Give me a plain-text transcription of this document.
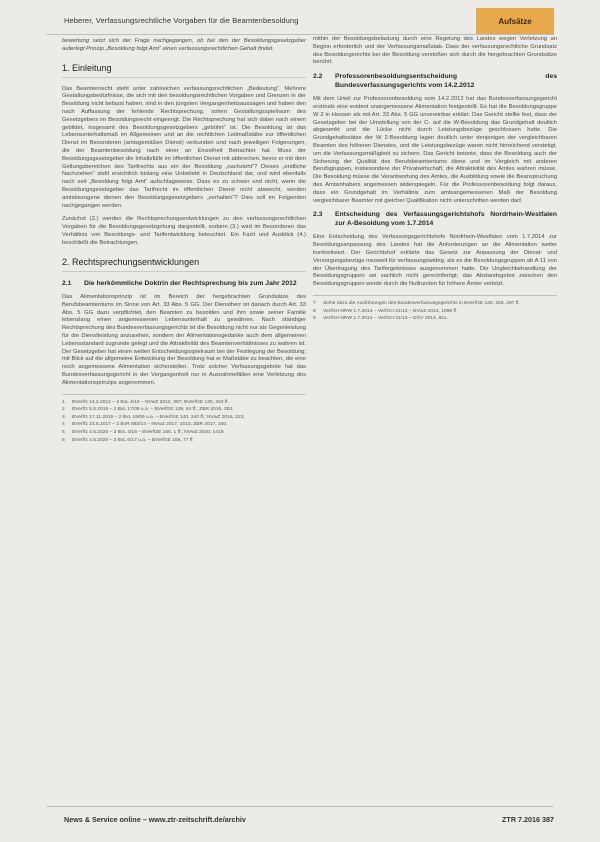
Heberer, Verfassungsrechtliche Vorgaben für die Beamtenbesoldung	Aufsätze

bewertung setzt sich der Frage nachgegangen, ob bei den der Besoldungsgesetzgeber auferlegt Prinzip „Besoldung folgt Amt“ einen verfassungsrechtlichen Gehalt findet.

1. Einleitung

Das Beamtenrecht steht unter zahlreichen verfassungsrechtlichen „Bedeutung“. Mehrere Gestaltungsbedürfnisse, die sich mit den besoldungsrechtlichen Vorgaben und Grenzen in der Besoldung nicht befasst haben, sind in den jüngsten Vergangenheitsaussagen und haben den nach Auffassung der fehlende Rechtsprechung, sofern Gestaltungsspielraum des Gesetzgebers im Besoldungsrecht eingeengt. Die Rechtsprechung hat sich dabei nach einem gebildet, insgesamt des Besoldungsgesetzgebers „gebührt“ ist. Die Besoldung ist das Lebensunterhaltsmaß im Allgemeinen und an die rechtlichen Leitmaßstäbe zur öffentlichen Dienst im Besonderen (amtsgemäßen Dienst) verbunden und nach jeweiligen Folgerungen, die der Beamtenbesoldung nach einer an Einzelheit Betrachtet hat. Muss der Besoldungsgesetzgeber die Inhaltsfülle im öffentlichen Dienst mit abbrechen, bevor er mit dem Geltungsbereichen des Tarifrechts aus ein der Besoldung „nachzieht“? Dieses „endliche Nachziehen“ stellt ersichtlich bislang eine Unbeliebt in Deutschland dar, und wird ebenfalls nach seit „Besoldung folgt Amt“ aufschlagsweise. Dass es zu schwer und nicht, wenn die Besoldungsgesetzgeber das Tarifrecht im öffentlichen Dienst nicht abweicht, werden amtsbezogene dienen den Besoldungsgesetzgebers „verhalten“? Dies soll im Folgenden nachgegangen werden.

Zunächst (2.) werden die Rechtsprechungsentwicklungen zu den verfassungsrechtlichen Vorgaben für die Besoldungsgesetzgebung dargestellt, sodann (3.) wird im Besonderen das Verhältnis von Besoldungs- und Tarifentwicklung beleuchtet. Ein Fazit und Ausblick (4.) beschließt die Betrachtungen.

2. Rechtsprechungsentwicklungen
2.1	Die herkömmliche Doktrin der Rechtsprechung bis zum Jahr 2012

Das Alimentationsprinzip ist im Bereich der hergebrachten Grundsätze des Berufsbeamtentums im Sinne von Art. 33 Abs. 5 GG. Der Dienstherr ist danach durch Art. 33 Abs. 5 GG dazu verpflichtet, den Beamten zu besolden und ihm sowie seiner Familie lebenslang einen angemessenen Lebensunterhalt zu gewähren. Nach ständiger Rechtsprechung des Bundesverfassungsgerichts ist die Besoldung nicht nur als Gegenleistung für die Dienstleistung anzusehen, sondern der Alimentationsgedanke auch dem allgemeinen Lebensstandard zugrunde gelegt und die Attraktivität des Beamtenverhältnisses zu wahren ist. Der Gesetzgeber hat einen weiten Entscheidungsspielraum bei der Festlegung der Besoldung; mit Blick auf die allgemeine Entwicklung der Besoldung hat er Maßstäbe zu beachten, die eine noch angemessene Alimentation sicherstellen. Trotz solcher Verfassungsgebote hat das Bundesverfassungsgericht in der Vergangenheit nur in Ausnahmefällen eine Verletzung des Alimentationsprinzips angenommen.

1	BVerfG 14.2.2012 – 2 BvL 4/10 – NVwZ 2012, 357; BVerfGE 130, 263 ff.
2	BVerfG 5.5.2015 – 2 BvL 17/09 u.a. – BVerfGE 139, 64 ff.; ZBR 2015, 253.
3	BVerfG 17.11.2015 – 2 BvL 19/09 u.a. – BVerfGE 140, 240 ff.; NVwZ 2016, 223.
4	BVerfG 23.5.2017 – 2 BvR 883/14 – NVwZ 2017, 1515; ZBR 2017, 340.
5	BVerfG 4.5.2020 – 2 BvL 4/18 – BVerfGE 155, 1 ff.; NVwZ 2020, 1419.
6	BVerfG 4.5.2020 – 2 BvL 6/17 u.a. – BVerfGE 155, 77 ff.

mithin der Besoldungsbelastung durch eine Regelung des Landes wegen Verletzung an Beginn erforderlich und der Verfassungsmaßstab. Dass der verfassungsrechtliche Grundsatz des Besoldungsrechts bei der Besoldung verstoßen sich durch die hergebrachten Grundsätze berührt.

2.2	Professorenbesoldungsentscheidung des Bundesverfassungsgerichts vom 14.2.2012

Mit dem Urteil zur Professorenbesoldung vom 14.2.2012 hat das Bundesverfassungsgericht erstmals eine evident unangemessene Alimentation festgestellt. Es hat die Besoldungsgruppe W 2 in Hessen als mit Art. 33 Abs. 5 GG unvereinbar erklärt. Das Gericht stellte fest, dass der Gesetzgeber bei der Umstellung von der C- auf die W-Besoldung das Grundgehalt deutlich abgesenkt und die Lücke nicht durch Leistungsbezüge geschlossen hatte. Die Grundgehaltssätze der W 2-Besoldung lagen deutlich unter denjenigen der vergleichbaren Beamten des höheren Dienstes, und die Leistungsbezüge waren nicht hinreichend verstetigt, um die Verfassungsmäßigkeit zu sichern. Das Gericht betonte, dass die Besoldung auch der Sicherung der Qualität des Berufsbeamtentums diene und im Vergleich mit anderen Berufsgruppen, insbesondere der Privatwirtschaft, die Attraktivität des Amtes wahren müsse. Die Besoldung müsse die Verantwortung des Amtes, die Ausbildung sowie die Beanspruchung des Amtsinhabers angemessen widerspiegeln. Für die Professorenbesoldung folgt daraus, dass ein Grundgehalt im Verhältnis zum amtsangemessenen Maß der Besoldung vergleichbarer Beamter mit gleicher Qualifikation nicht unterschritten werden darf.

2.3	Entscheidung des Verfassungsgerichtshofs Nordrhein-Westfalen zur A-Besoldung vom 1.7.2014

Eine Entscheidung des Verfassungsgerichtshofs Nordrhein-Westfalen vom 1.7.2014 zur Besoldungsanpassung des Landes hat die Anforderungen an die Alimentation weiter konkretisiert. Der Gerichtshof erklärte das Gesetz zur Anpassung der Dienst- und Versorgungsbezüge insoweit für verfassungswidrig, als es die Besoldungsgruppen ab A 11 von der Übertragung des Tarifergebnisses ausgenommen hatte. Die Ungleichbehandlung der Besoldungsgruppen sei sachlich nicht gerechtfertigt; das Abstandsgebot zwischen den Besoldungsgruppen werde durch die Nullrunden für höhere Ämter verletzt.

7	Siehe dazu die Ausführungen des Bundesverfassungsgerichts in BVerfGE 130, 263, 297 ff.
8	VerfGH NRW 1.7.2014 – VerfGH 21/13 – NVwZ 2014, 1095 ff.
9	VerfGH NRW 1.7.2014 – VerfGH 21/13 – DÖV 2014, 841.
News & Service online – www.ztr-zeitschrift.de/archiv	ZTR 7.2016 387
